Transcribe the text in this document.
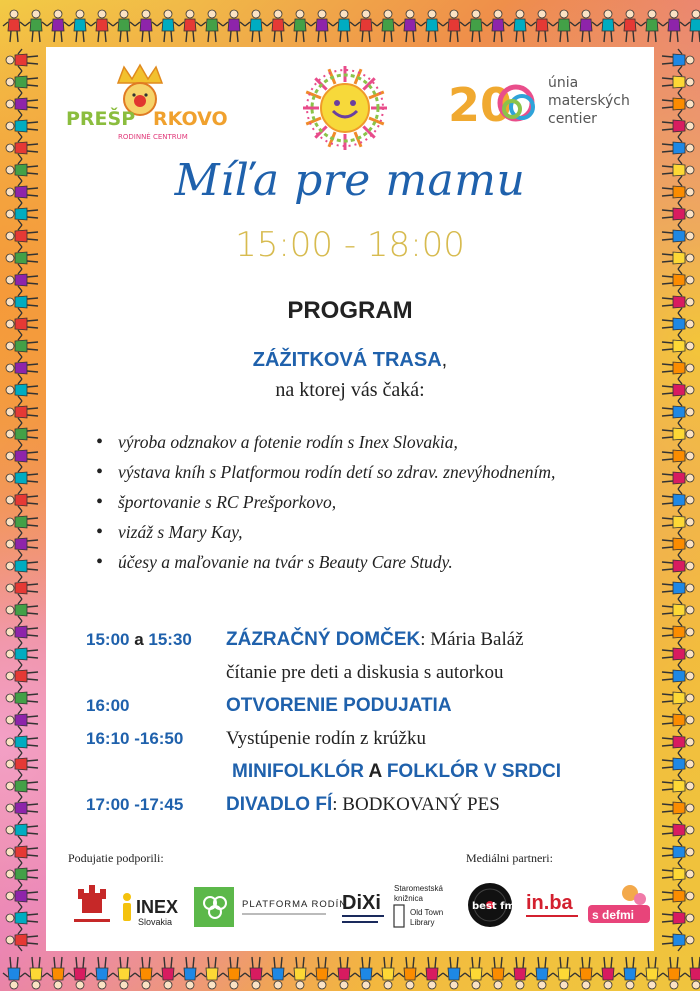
PREŠP RKOVO
RODINNÉ CENTRUM
20	únia
materských
centier
Míľa pre mamu
15:00 - 18:00
PROGRAM
ZÁŽITKOVÁ TRASA,
na ktorej vás čaká:
• výroba odznakov a fotenie rodín s Inex Slovakia,
• výstava kníh s Platformou rodín detí so zdrav. znevýhodnením,
• športovanie s RC Prešporkovo,
• vizáž s Mary Kay,
• účesy a maľovanie na tvár s Beauty Care Study.
15:00 a 15:30 ZÁZRAČNÝ DOMČEK: Mária Baláž
čítanie pre deti a diskusia s autorkou
16:00	OTVORENIE PODUJATIA
16:10 -16:50 Vystúpenie rodín z krúžku
MINIFOLKLÓR A FOLKLÓR V SRDCI
17:00 -17:45 DIVADLO FÍ: BODKOVANÝ PES
Podujatie podporili:	Mediálni partneri:
INEX
Slovakia
PLATFORMA RODÍN
DiXi
Staromestská
knižnica
Old Town
Library
best fm in.ba
s defmi
